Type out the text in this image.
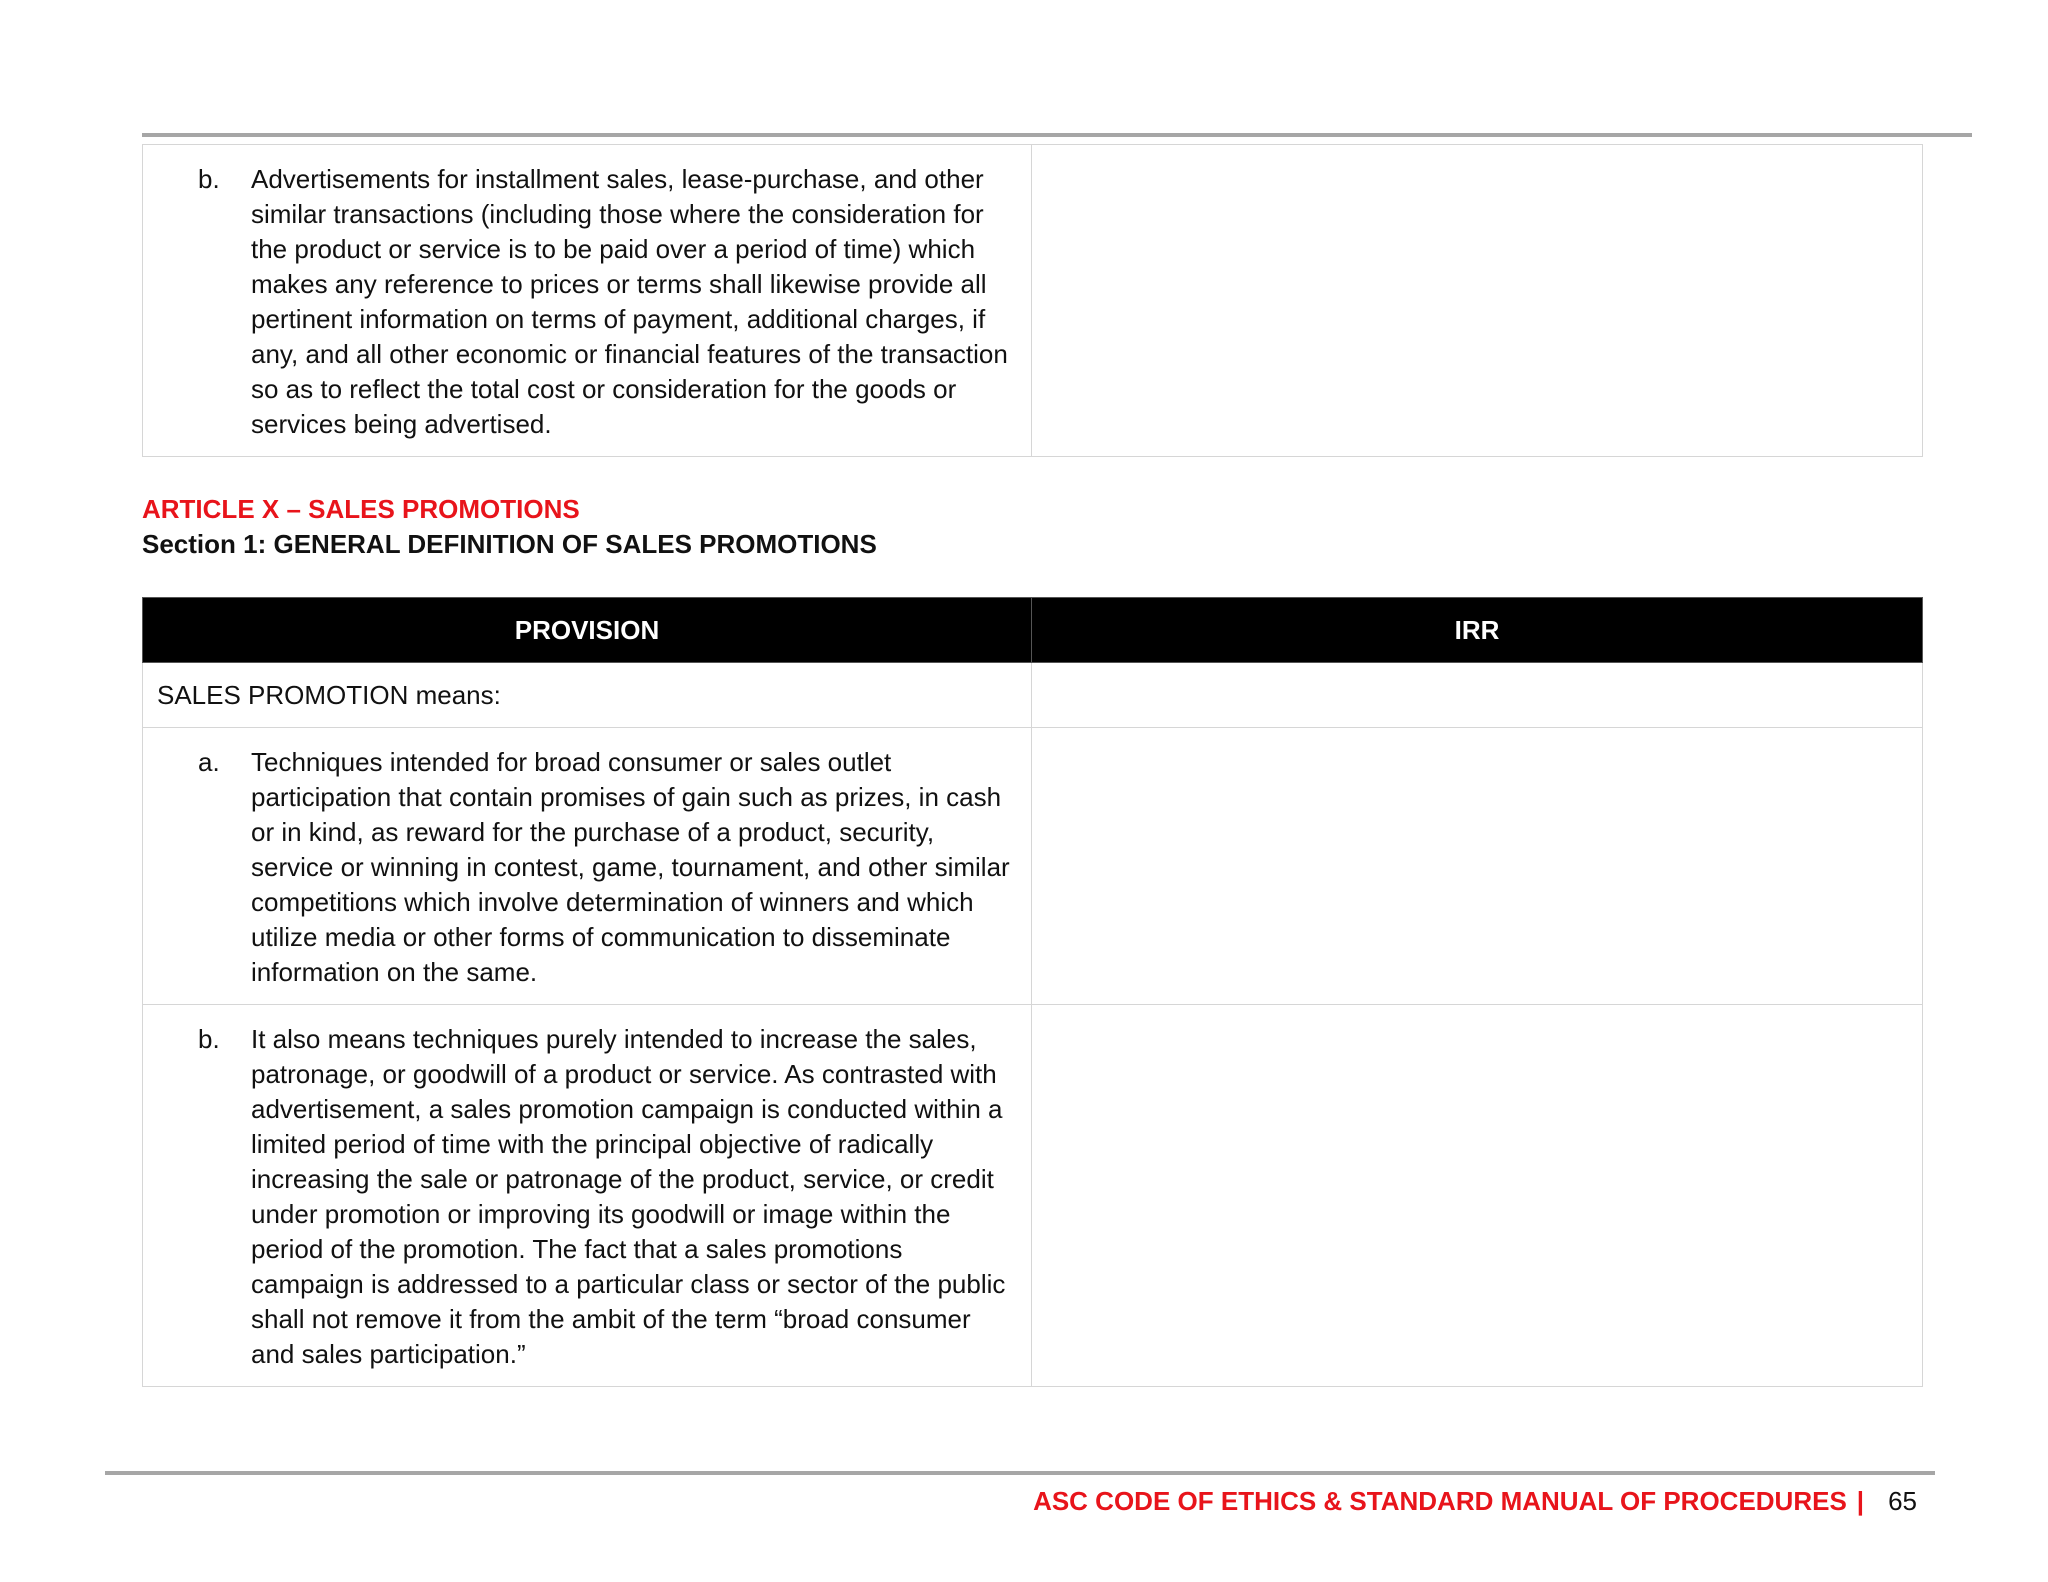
b.	Advertisements for installment sales, lease-purchase, and other similar transactions (including those where the consideration for the product or service is to be paid over a period of time) which makes any reference to prices or terms shall likewise provide all pertinent information on terms of payment, additional charges, if any, and all other economic or financial features of the transaction so as to reflect the total cost or consideration for the goods or services being advertised.

ARTICLE X – SALES PROMOTIONS
Section 1: GENERAL DEFINITION OF SALES PROMOTIONS
PROVISION	IRR
SALES PROMOTION means:	

a. Techniques intended for broad consumer or sales outlet participation that contain promises of gain such as prizes, in cash or in kind, as reward for the purchase of a product, security, service or winning in contest, game, tournament, and other similar competitions which involve determination of winners and which utilize media or other forms of communication to disseminate information on the same.	

b. It also means techniques purely intended to increase the sales, patronage, or goodwill of a product or service. As contrasted with advertisement, a sales promotion campaign is conducted within a limited period of time with the principal objective of radically increasing the sale or patronage of the product, service, or credit under promotion or improving its goodwill or image within the period of the promotion. The fact that a sales promotions campaign is addressed to a particular class or sector of the public shall not remove it from the ambit of the term “broad consumer and sales participation.”	

ASC CODE OF ETHICS & STANDARD MANUAL OF PROCEDURES | 65
